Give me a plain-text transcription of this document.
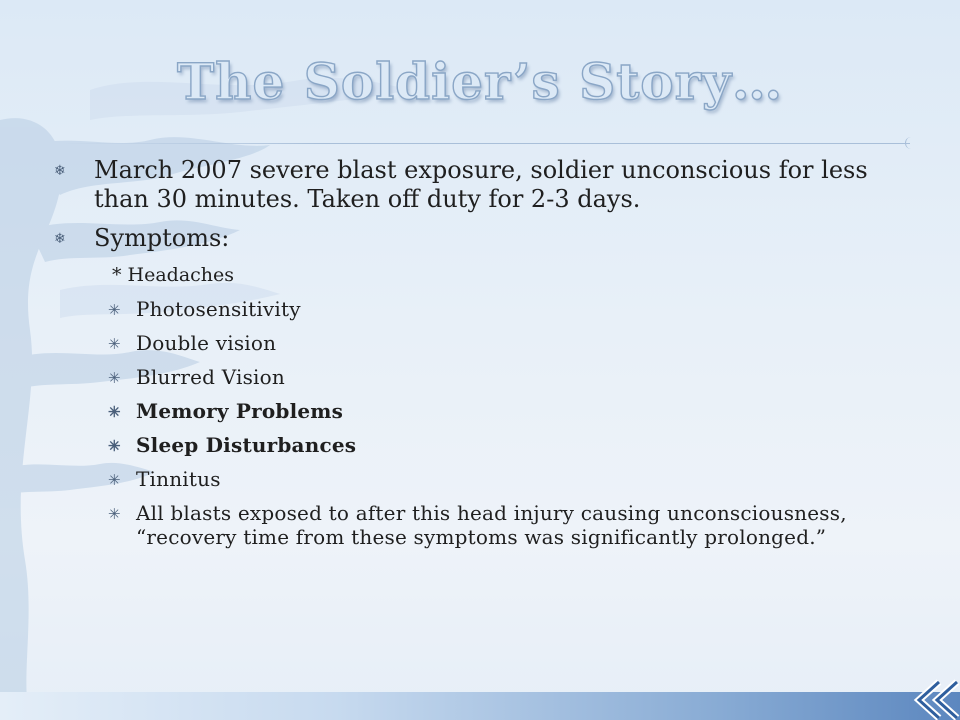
The Soldier’s Story…
❄ March 2007 severe blast exposure, soldier unconscious for less than 30 minutes. Taken off duty for 2-3 days.
❄ Symptoms:
* Headaches
✳ Photosensitivity
✳ Double vision
✳ Blurred Vision
✳ Memory Problems
✳ Sleep Disturbances
✳ Tinnitus
✳ All blasts exposed to after this head injury causing unconsciousness, “recovery time from these symptoms was significantly prolonged.”
